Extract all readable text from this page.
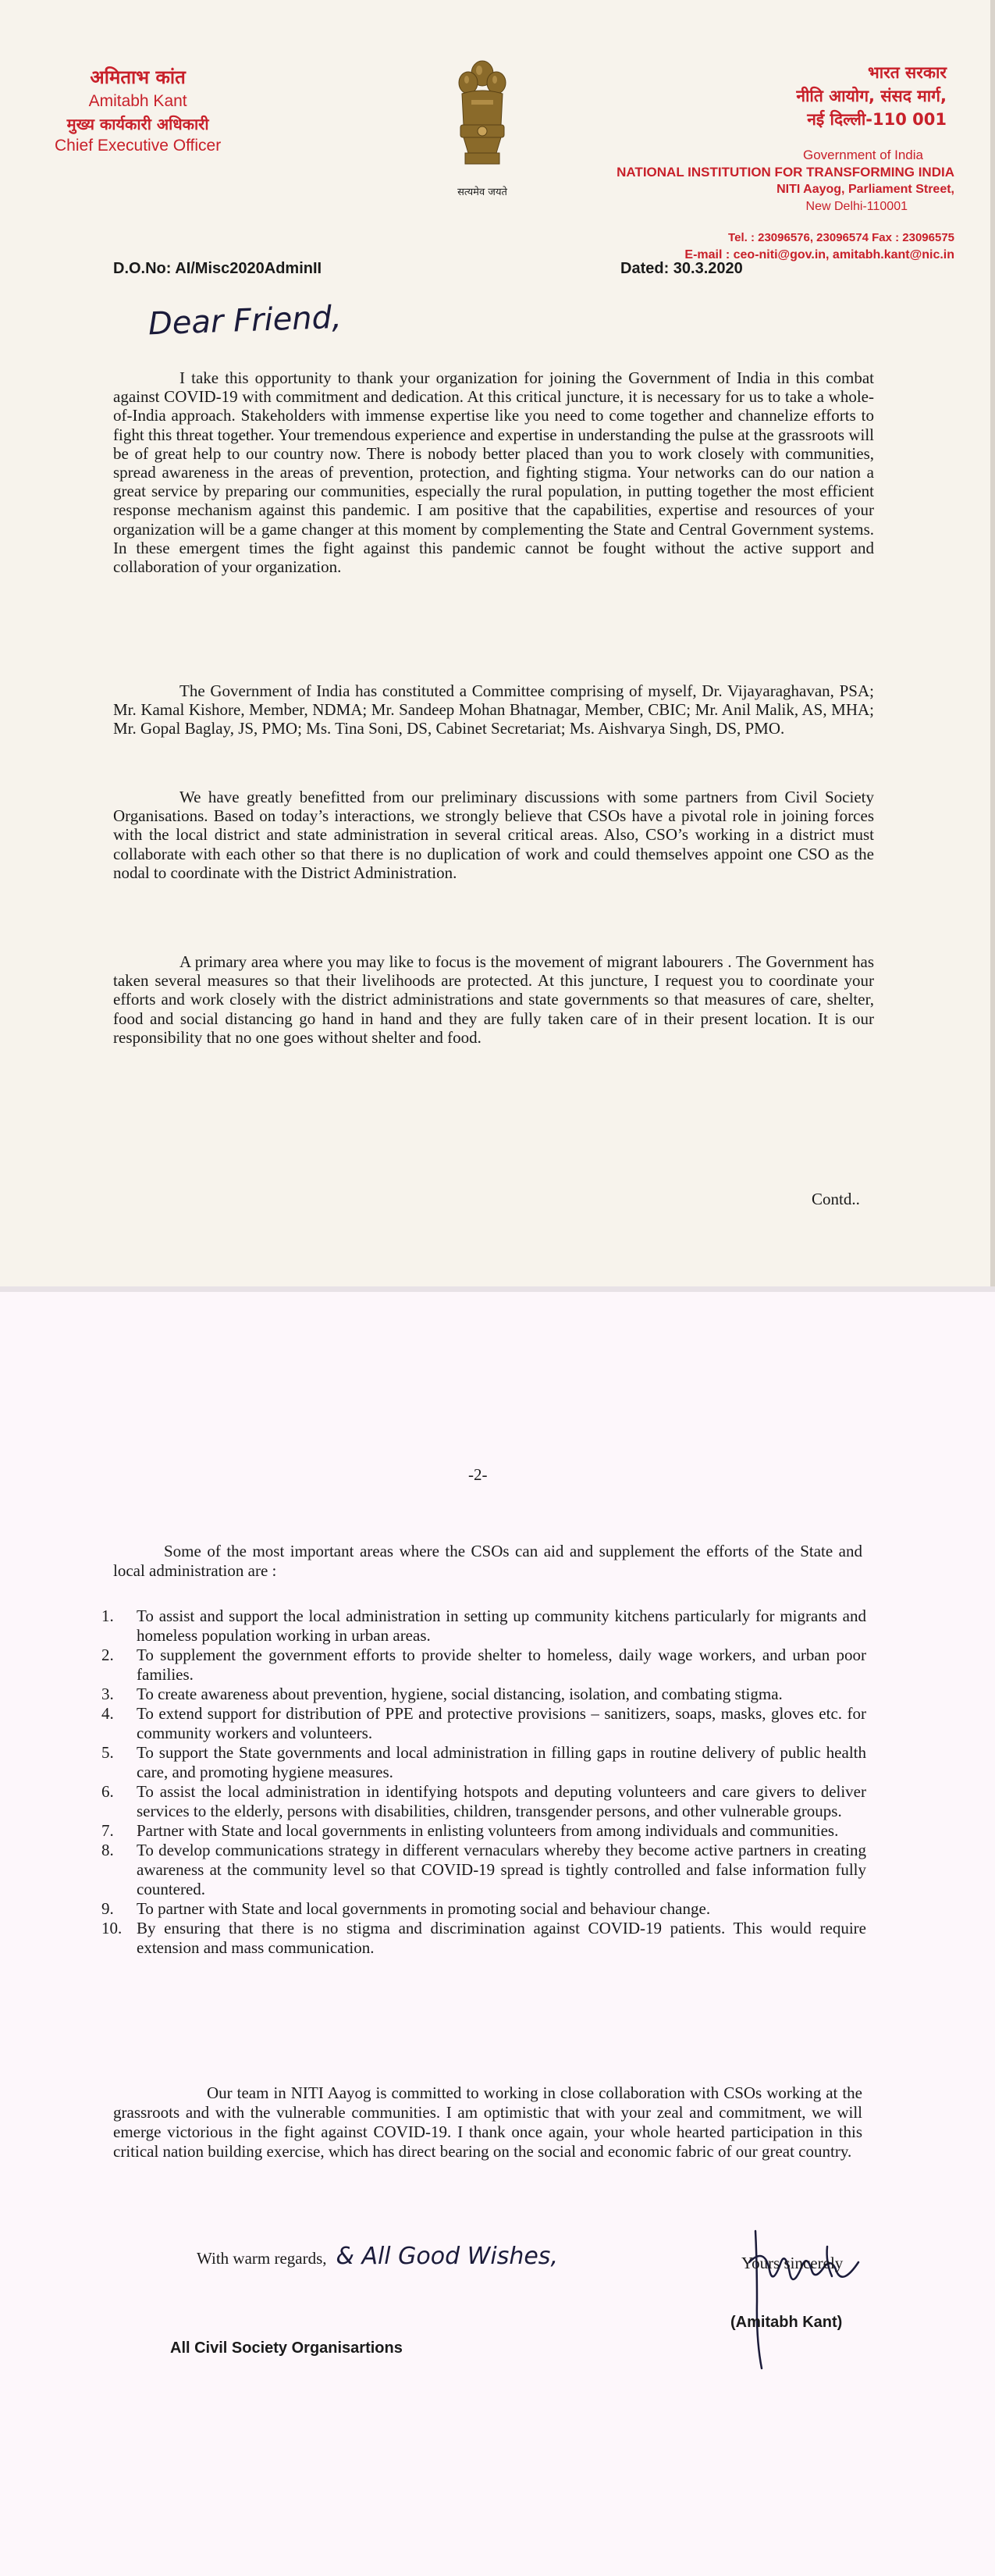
अमिताभ कांत
Amitabh Kant
मुख्य कार्यकारी अधिकारी
Chief Executive Officer
सत्यमेव जयते
भारत सरकार
नीति आयोग, संसद मार्ग,
नई दिल्ली-110 001
Government of India
NATIONAL INSTITUTION FOR TRANSFORMING INDIA
NITI Aayog, Parliament Street,
New Delhi-110001
Tel. : 23096576, 23096574 Fax : 23096575
E-mail : ceo-niti@gov.in, amitabh.kant@nic.in
D.O.No: AI/Misc2020AdminII	Dated: 30.3.2020
Dear Friend,

I take this opportunity to thank your organization for joining the Government of India in this combat against COVID-19 with commitment and dedication. At this critical juncture, it is necessary for us to take a whole-of-India approach. Stakeholders with immense expertise like you need to come together and channelize efforts to fight this threat together. Your tremendous experience and expertise in understanding the pulse at the grassroots will be of great help to our country now. There is nobody better placed than you to work closely with communities, spread awareness in the areas of prevention, protection, and fighting stigma. Your networks can do our nation a great service by preparing our communities, especially the rural population, in putting together the most efficient response mechanism against this pandemic. I am positive that the capabilities, expertise and resources of your organization will be a game changer at this moment by complementing the State and Central Government systems. In these emergent times the fight against this pandemic cannot be fought without the active support and collaboration of your organization.

The Government of India has constituted a Committee comprising of myself, Dr. Vijayaraghavan, PSA; Mr. Kamal Kishore, Member, NDMA; Mr. Sandeep Mohan Bhatnagar, Member, CBIC; Mr. Anil Malik, AS, MHA; Mr. Gopal Baglay, JS, PMO; Ms. Tina Soni, DS, Cabinet Secretariat; Ms. Aishvarya Singh, DS, PMO.

We have greatly benefitted from our preliminary discussions with some partners from Civil Society Organisations. Based on today’s interactions, we strongly believe that CSOs have a pivotal role in joining forces with the local district and state administration in several critical areas. Also, CSO’s working in a district must collaborate with each other so that there is no duplication of work and could themselves appoint one CSO as the nodal to coordinate with the District Administration.

A primary area where you may like to focus is the movement of migrant labourers . The Government has taken several measures so that their livelihoods are protected. At this juncture, I request you to coordinate your efforts and work closely with the district administrations and state governments so that measures of care, shelter, food and social distancing go hand in hand and they are fully taken care of in their present location. It is our responsibility that no one goes without shelter and food.

Contd..
-2-

Some of the most important areas where the CSOs can aid and supplement the efforts of the State and local administration are :

1.	To assist and support the local administration in setting up community kitchens particularly for migrants and homeless population working in urban areas.
2.	To supplement the government efforts to provide shelter to homeless, daily wage workers, and urban poor families.
3.	To create awareness about prevention, hygiene, social distancing, isolation, and combating stigma.
4.	To extend support for distribution of PPE and protective provisions – sanitizers, soaps, masks, gloves etc. for community workers and volunteers.
5.	To support the State governments and local administration in filling gaps in routine delivery of public health care, and promoting hygiene measures.
6.	To assist the local administration in identifying hotspots and deputing volunteers and care givers to deliver services to the elderly, persons with disabilities, children, transgender persons, and other vulnerable groups.
7.	Partner with State and local governments in enlisting volunteers from among individuals and communities.
8.	To develop communications strategy in different vernaculars whereby they become active partners in creating awareness at the community level so that COVID-19 spread is tightly controlled and false information fully countered.
9.	To partner with State and local governments in promoting social and behaviour change.
10. By ensuring that there is no stigma and discrimination against COVID-19 patients. This would require extension and mass communication.

Our team in NITI Aayog is committed to working in close collaboration with CSOs working at the grassroots and with the vulnerable communities. I am optimistic that with your zeal and commitment, we will emerge victorious in the fight against COVID-19. I thank once again, your whole hearted participation in this critical nation building exercise, which has direct bearing on the social and economic fabric of our great country.

With warm regards, & All Good Wishes,	Yours sincerely
(Amitabh Kant)
All Civil Society Organisartions
